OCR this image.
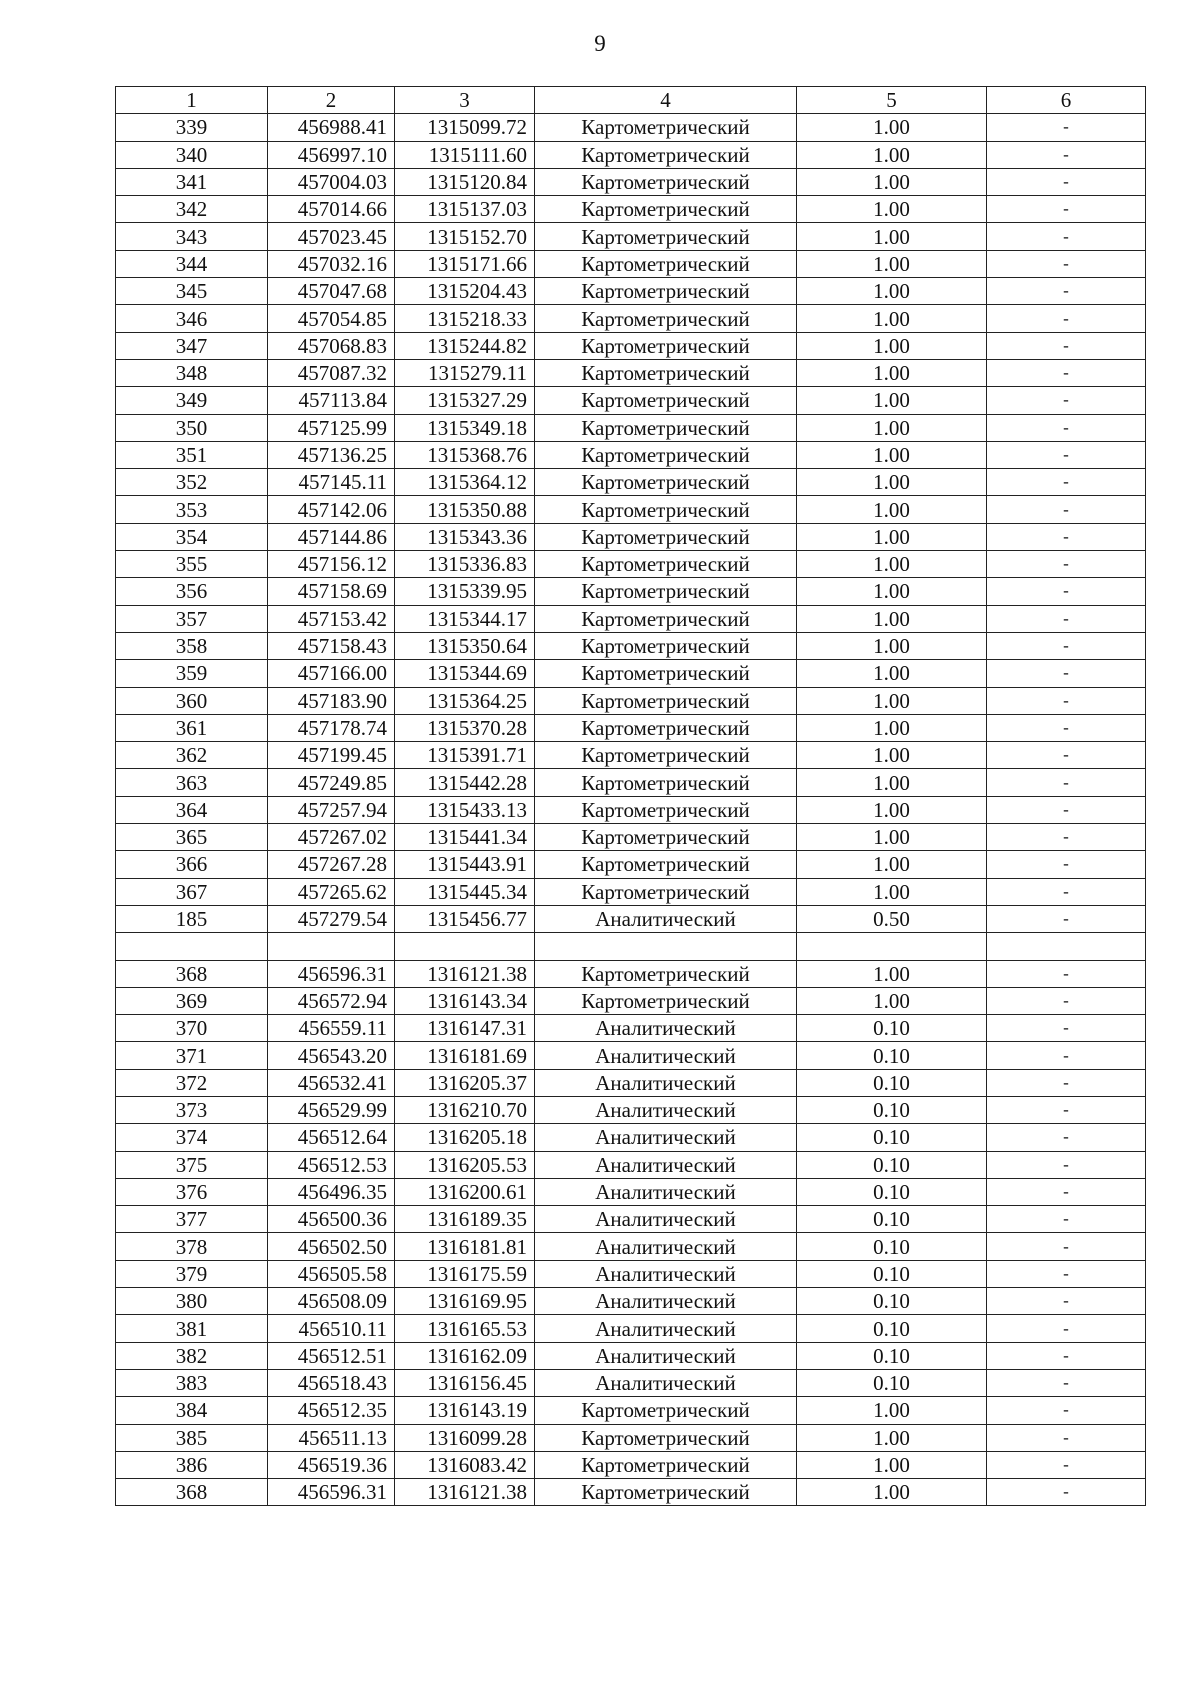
9
1	2	3	4	5	6
339	456988.41	1315099.72	Картометрический	1.00	-
340	456997.10	1315111.60	Картометрический	1.00	-
341	457004.03	1315120.84	Картометрический	1.00	-
342	457014.66	1315137.03	Картометрический	1.00	-
343	457023.45	1315152.70	Картометрический	1.00	-
344	457032.16	1315171.66	Картометрический	1.00	-
345	457047.68	1315204.43	Картометрический	1.00	-
346	457054.85	1315218.33	Картометрический	1.00	-
347	457068.83	1315244.82	Картометрический	1.00	-
348	457087.32	1315279.11	Картометрический	1.00	-
349	457113.84	1315327.29	Картометрический	1.00	-
350	457125.99	1315349.18	Картометрический	1.00	-
351	457136.25	1315368.76	Картометрический	1.00	-
352	457145.11	1315364.12	Картометрический	1.00	-
353	457142.06	1315350.88	Картометрический	1.00	-
354	457144.86	1315343.36	Картометрический	1.00	-
355	457156.12	1315336.83	Картометрический	1.00	-
356	457158.69	1315339.95	Картометрический	1.00	-
357	457153.42	1315344.17	Картометрический	1.00	-
358	457158.43	1315350.64	Картометрический	1.00	-
359	457166.00	1315344.69	Картометрический	1.00	-
360	457183.90	1315364.25	Картометрический	1.00	-
361	457178.74	1315370.28	Картометрический	1.00	-
362	457199.45	1315391.71	Картометрический	1.00	-
363	457249.85	1315442.28	Картометрический	1.00	-
364	457257.94	1315433.13	Картометрический	1.00	-
365	457267.02	1315441.34	Картометрический	1.00	-
366	457267.28	1315443.91	Картометрический	1.00	-
367	457265.62	1315445.34	Картометрический	1.00	-
185	457279.54	1315456.77	Аналитический	0.50	-

368	456596.31	1316121.38	Картометрический	1.00	-
369	456572.94	1316143.34	Картометрический	1.00	-
370	456559.11	1316147.31	Аналитический	0.10	-
371	456543.20	1316181.69	Аналитический	0.10	-
372	456532.41	1316205.37	Аналитический	0.10	-
373	456529.99	1316210.70	Аналитический	0.10	-
374	456512.64	1316205.18	Аналитический	0.10	-
375	456512.53	1316205.53	Аналитический	0.10	-
376	456496.35	1316200.61	Аналитический	0.10	-
377	456500.36	1316189.35	Аналитический	0.10	-
378	456502.50	1316181.81	Аналитический	0.10	-
379	456505.58	1316175.59	Аналитический	0.10	-
380	456508.09	1316169.95	Аналитический	0.10	-
381	456510.11	1316165.53	Аналитический	0.10	-
382	456512.51	1316162.09	Аналитический	0.10	-
383	456518.43	1316156.45	Аналитический	0.10	-
384	456512.35	1316143.19	Картометрический	1.00	-
385	456511.13	1316099.28	Картометрический	1.00	-
386	456519.36	1316083.42	Картометрический	1.00	-
368	456596.31	1316121.38	Картометрический	1.00	-
